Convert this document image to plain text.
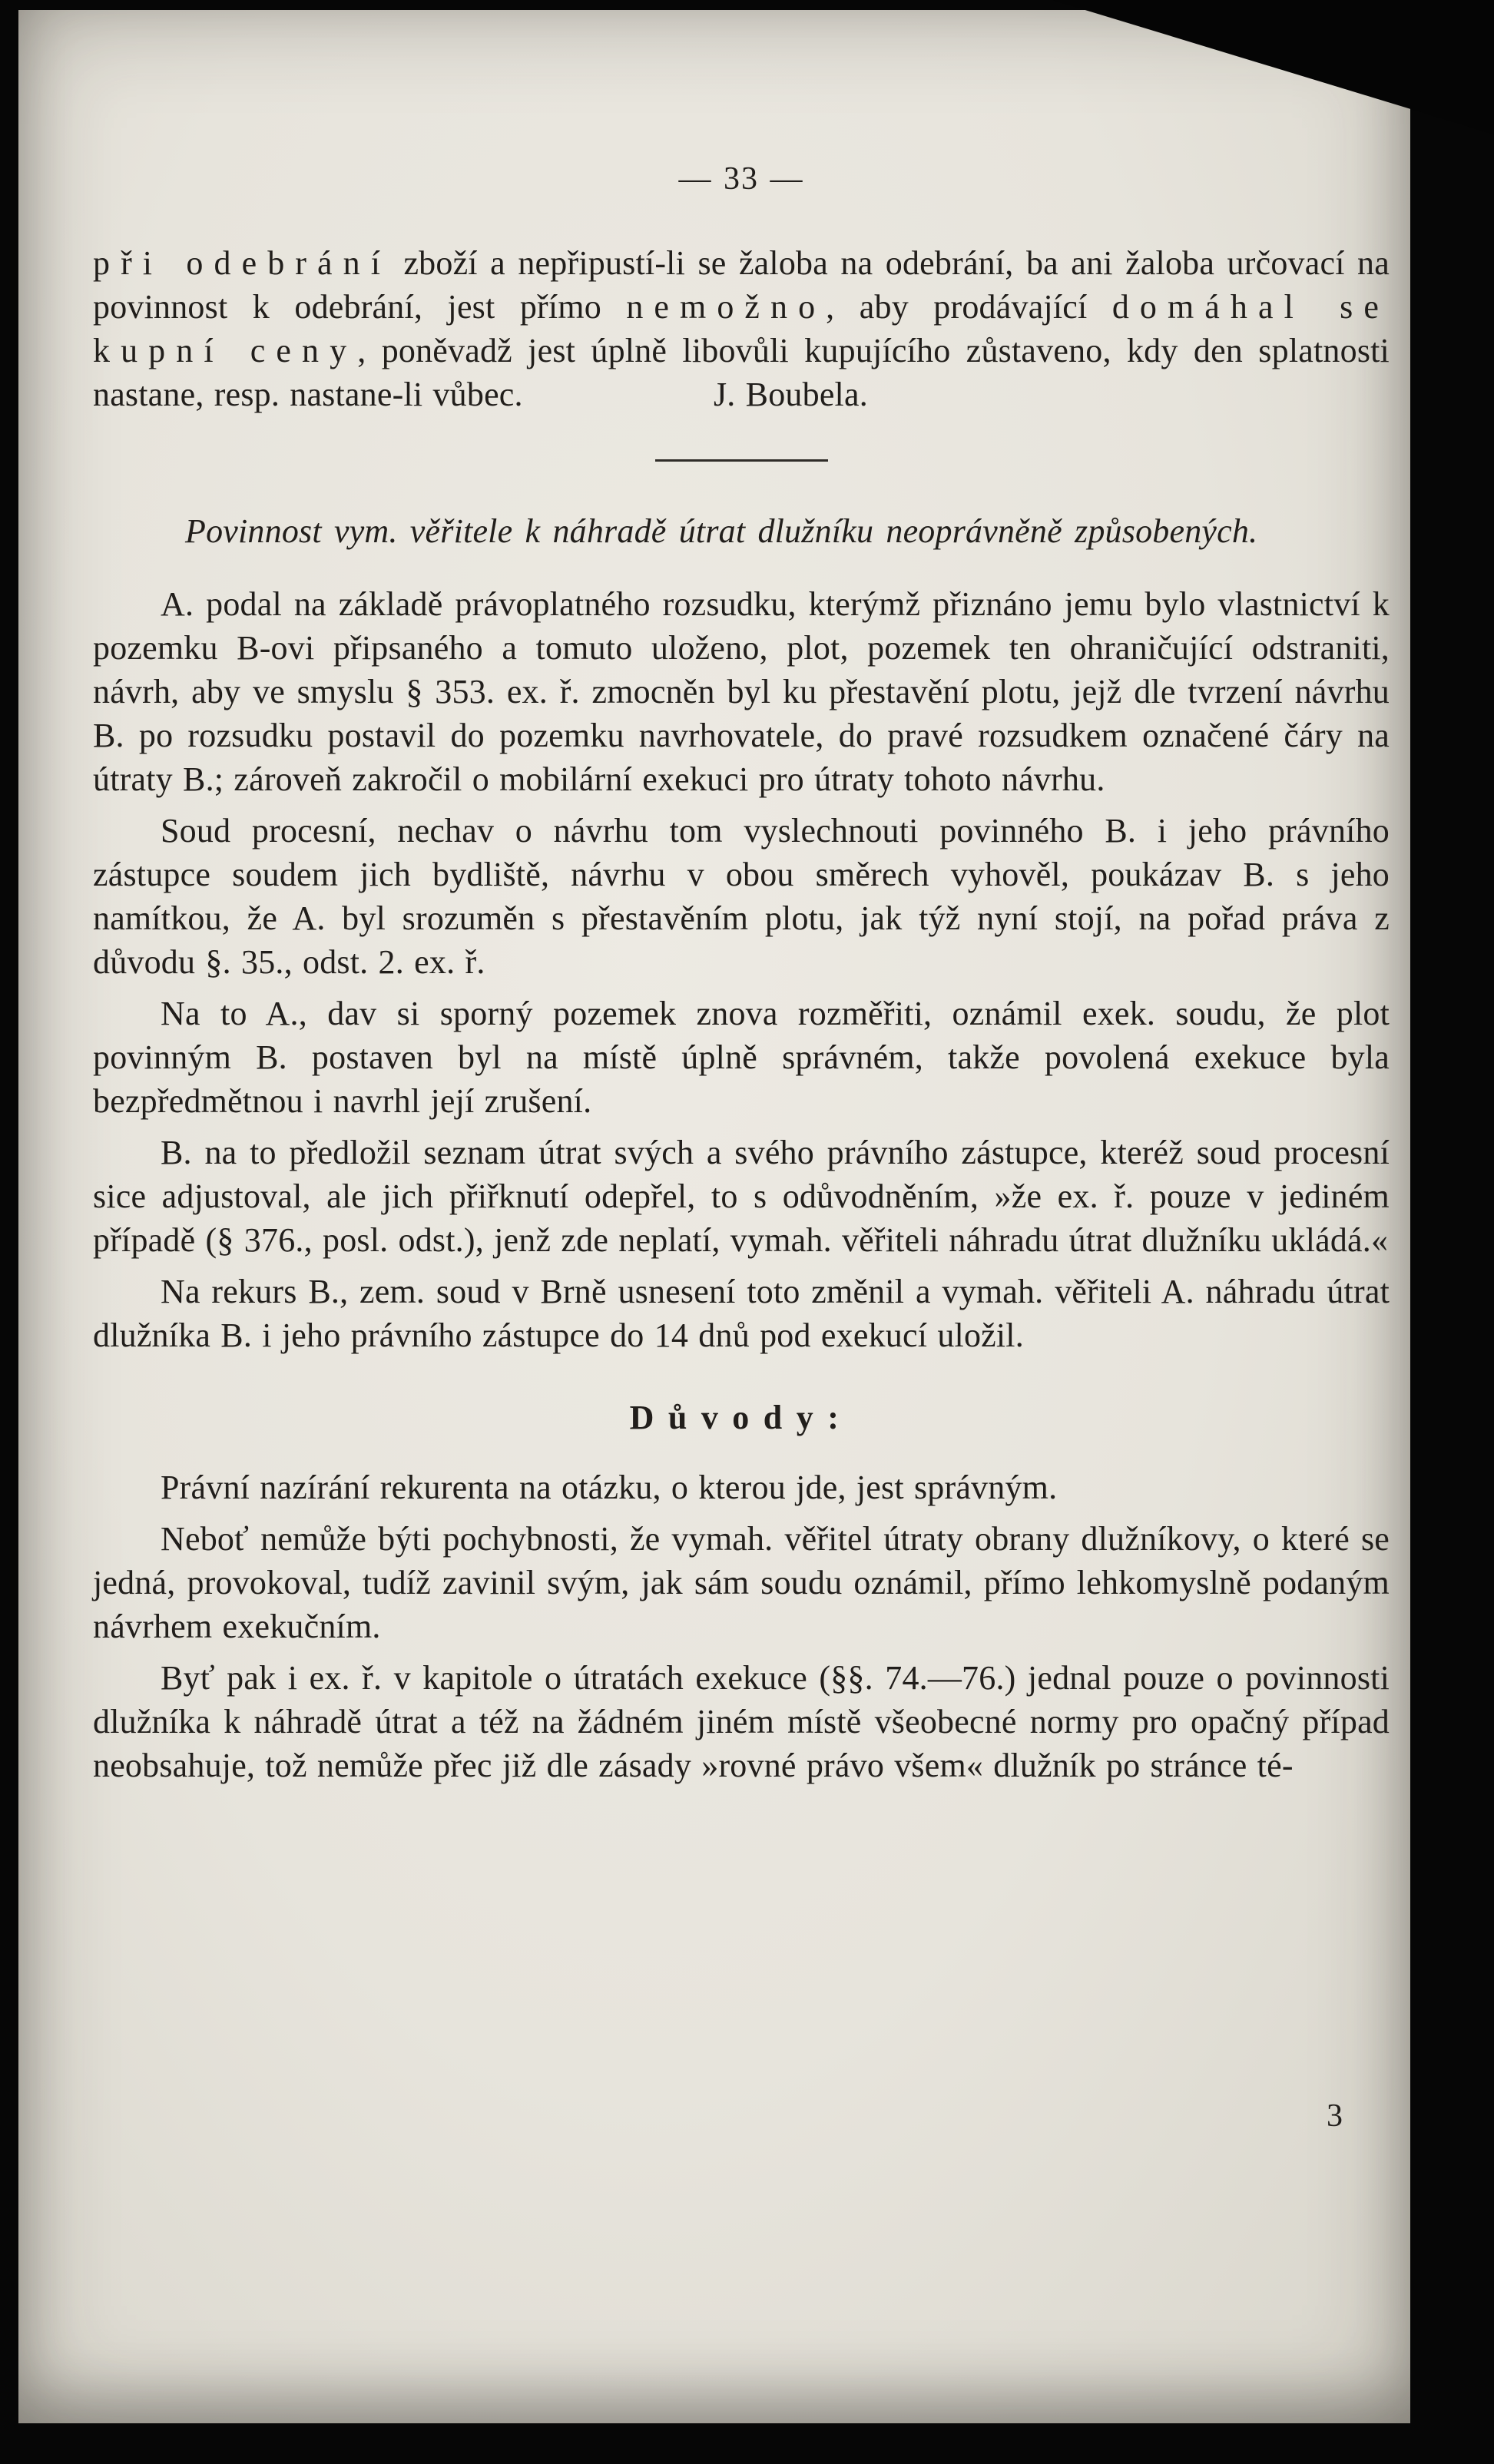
— 33 —

při odebrání zboží a nepřipustí-li se žaloba na odebrání, ba ani žaloba určovací na povinnost k odebrání, jest přímo nemožno, aby prodávající domáhal se kupní ceny, poněvadž jest úplně libovůli kupujícího zůstaveno, kdy den splatnosti nastane, resp. nastane-li vůbec.	J. Boubela.

Povinnost vym. věřitele k náhradě útrat dlužníku neoprávněně způsobených.

A. podal na základě právoplatného rozsudku, kterýmž přiznáno jemu bylo vlastnictví k pozemku B-ovi připsaného a tomuto uloženo, plot, pozemek ten ohraničující odstraniti, návrh, aby ve smyslu § 353. ex. ř. zmocněn byl ku přestavění plotu, jejž dle tvrzení návrhu B. po rozsudku postavil do pozemku navrhovatele, do pravé rozsudkem označené čáry na útraty B.; zároveň zakročil o mobilární exekuci pro útraty tohoto návrhu.

Soud procesní, nechav o návrhu tom vyslechnouti povinného B. i jeho právního zástupce soudem jich bydliště, návrhu v obou směrech vyhověl, poukázav B. s jeho namítkou, že A. byl srozuměn s přestavěním plotu, jak týž nyní stojí, na pořad práva z důvodu §. 35., odst. 2. ex. ř.

Na to A., dav si sporný pozemek znova rozměřiti, oznámil exek. soudu, že plot povinným B. postaven byl na místě úplně správném, takže povolená exekuce byla bezpředmětnou i navrhl její zrušení.

B. na to předložil seznam útrat svých a svého právního zástupce, kteréž soud procesní sice adjustoval, ale jich přiřknutí odepřel, to s odůvodněním, »že ex. ř. pouze v jediném případě (§ 376., posl. odst.), jenž zde neplatí, vymah. věřiteli náhradu útrat dlužníku ukládá.«

Na rekurs B., zem. soud v Brně usnesení toto změnil a vymah. věřiteli A. náhradu útrat dlužníka B. i jeho právního zástupce do 14 dnů pod exekucí uložil.

Důvody:

Právní nazírání rekurenta na otázku, o kterou jde, jest správným.

Neboť nemůže býti pochybnosti, že vymah. věřitel útraty obrany dlužníkovy, o které se jedná, provokoval, tudíž zavinil svým, jak sám soudu oznámil, přímo lehkomyslně podaným návrhem exekučním.

Byť pak i ex. ř. v kapitole o útratách exekuce (§§. 74.—76.) jednal pouze o povinnosti dlužníka k náhradě útrat a též na žádném jiném místě všeobecné normy pro opačný případ neobsahuje, tož nemůže přec již dle zásady »rovné právo všem« dlužník po stránce té-

3
